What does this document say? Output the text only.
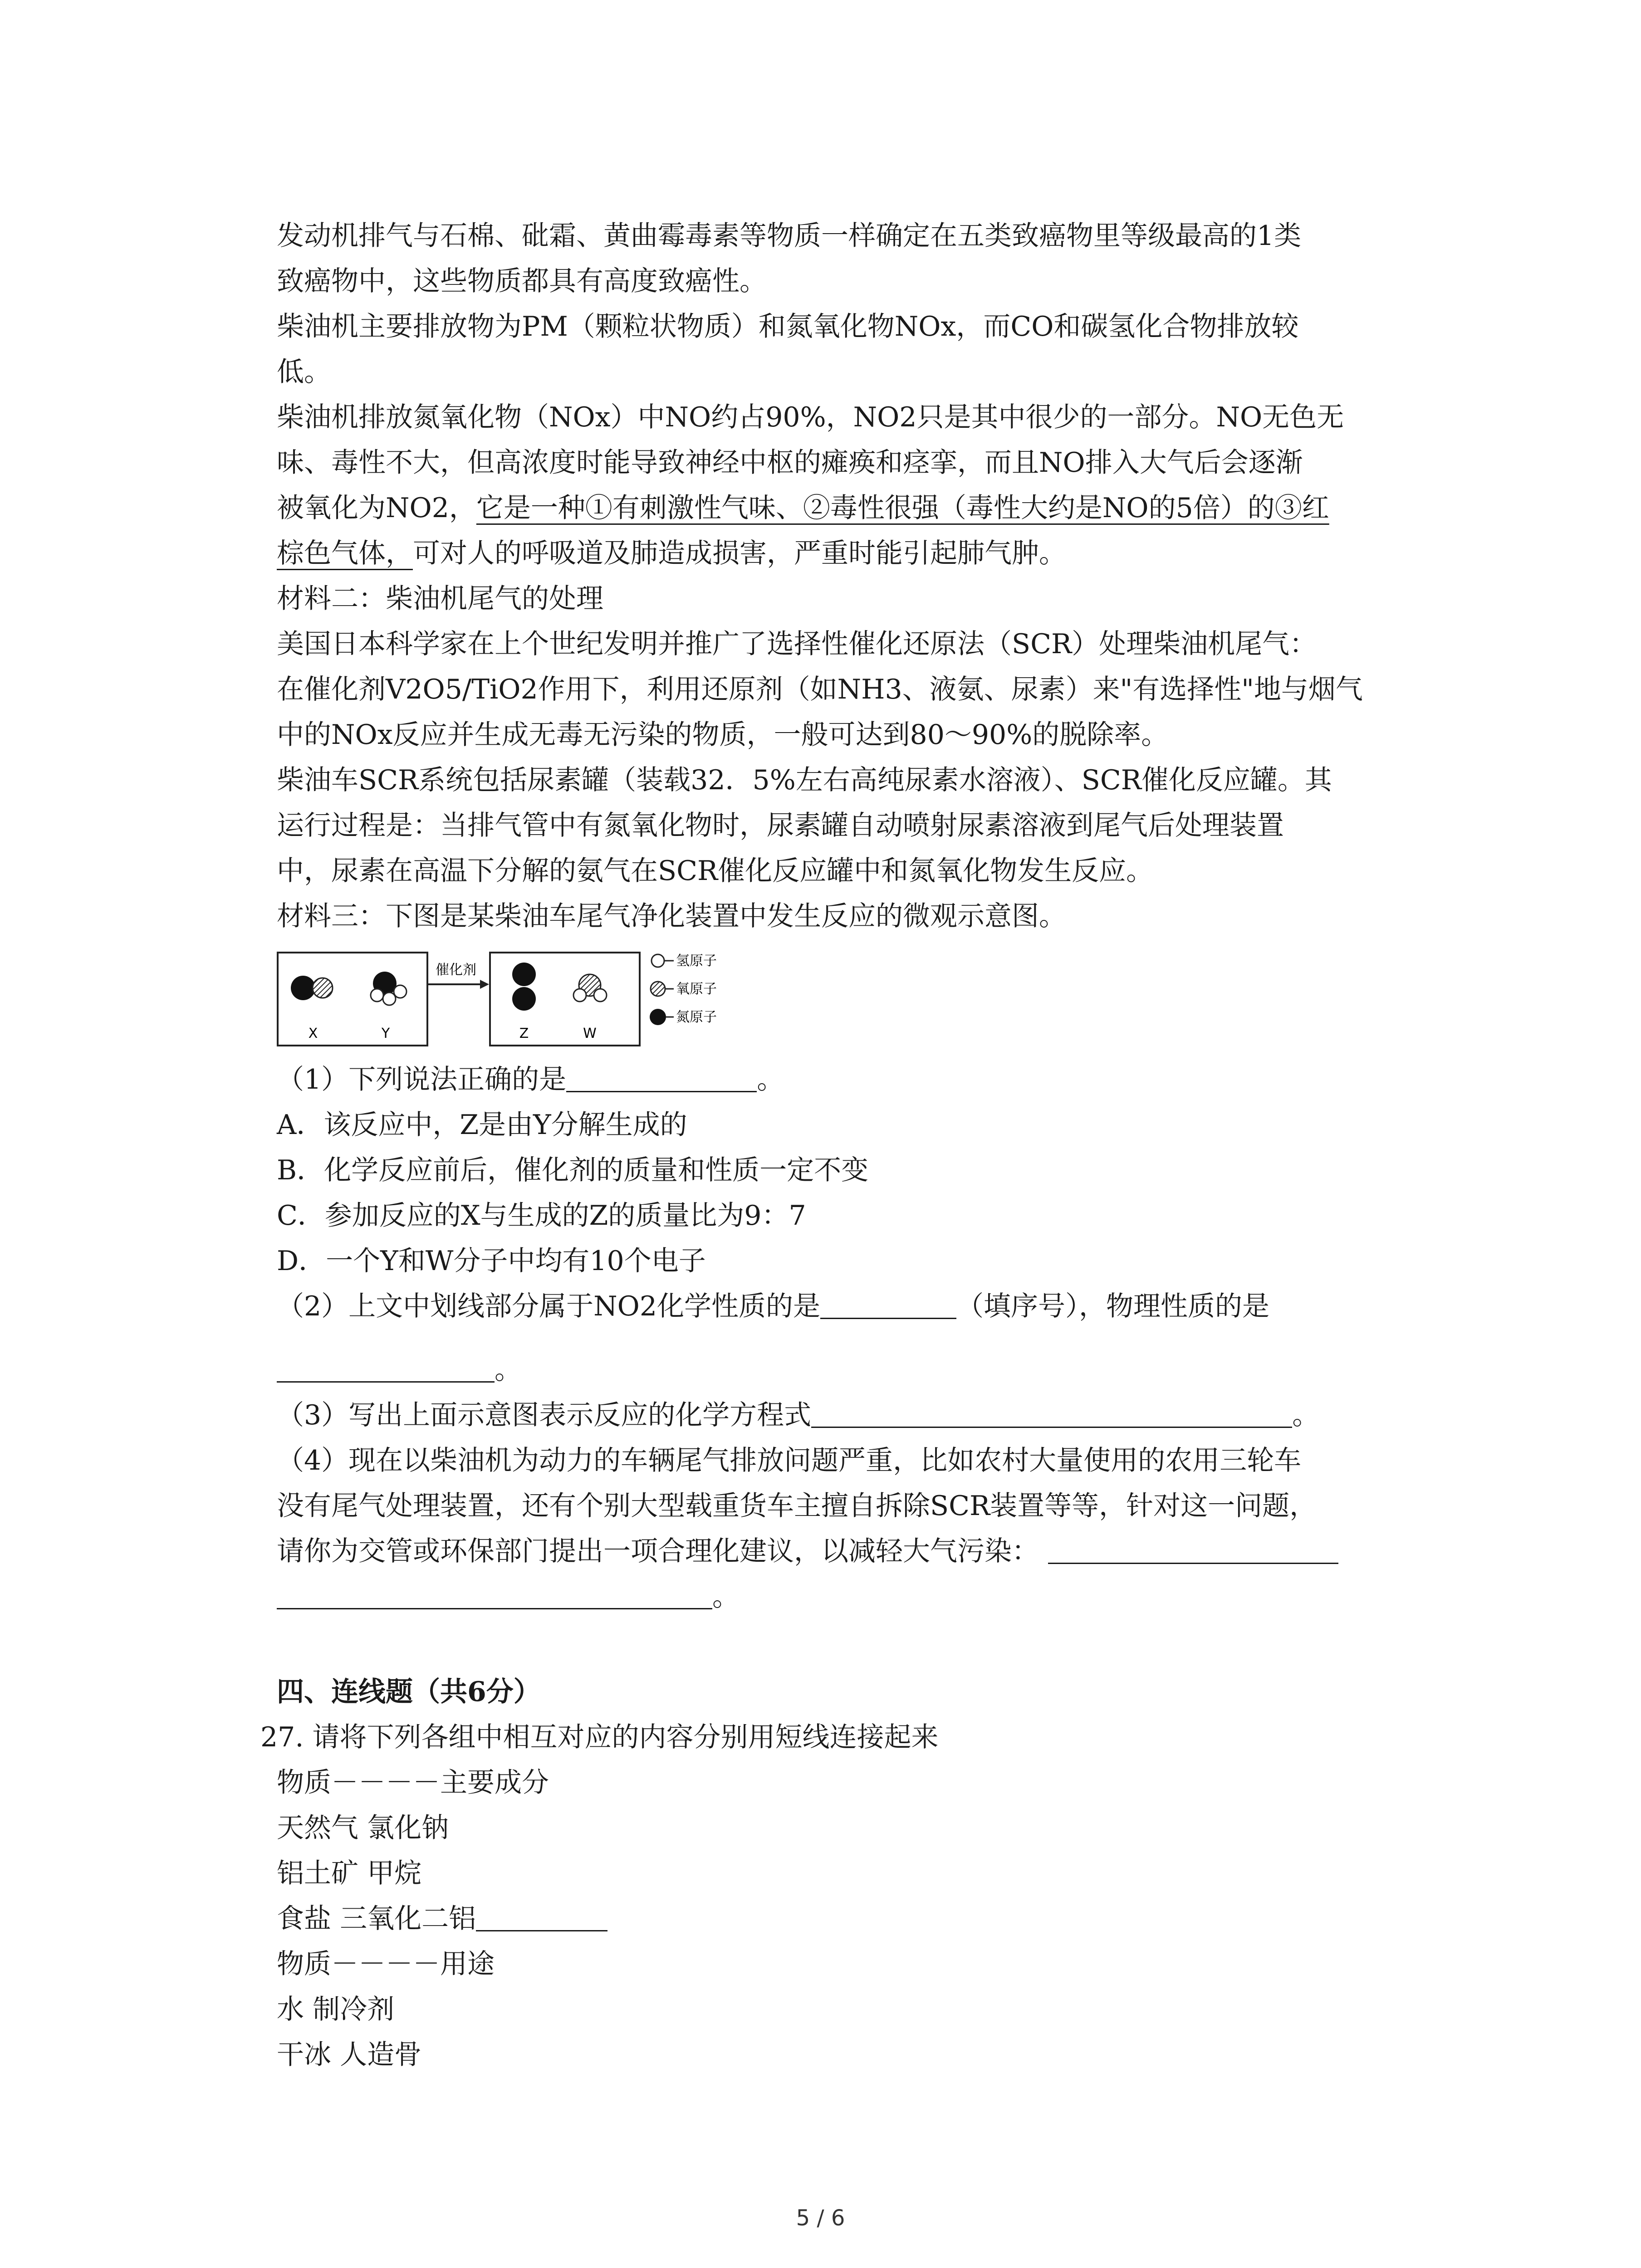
发动机排气与石棉、砒霜、黄曲霉毒素等物质一样确定在五类致癌物里等级最高的1类
致癌物中，这些物质都具有高度致癌性。
柴油机主要排放物为PM（颗粒状物质）和氮氧化物NOx，而CO和碳氢化合物排放较
低。
柴油机排放氮氧化物（NOx）中NO约占90%，NO2只是其中很少的一部分。NO无色无
味、毒性不大，但高浓度时能导致神经中枢的瘫痪和痉挛，而且NO排入大气后会逐渐
被氧化为NO2，它是一种①有刺激性气味、②毒性很强（毒性大约是NO的5倍）的③红
棕色气体，可对人的呼吸道及肺造成损害，严重时能引起肺气肿。
材料二：柴油机尾气的处理
美国日本科学家在上个世纪发明并推广了选择性催化还原法（SCR）处理柴油机尾气：
在催化剂V2O5/TiO2作用下，利用还原剂（如NH3、液氨、尿素）来"有选择性"地与烟气
中的NOx反应并生成无毒无污染的物质，一般可达到80～90%的脱除率。
柴油车SCR系统包括尿素罐（装载32．5%左右高纯尿素水溶液）、SCR催化反应罐。其
运行过程是：当排气管中有氮氧化物时，尿素罐自动喷射尿素溶液到尾气后处理装置
中，尿素在高温下分解的氨气在SCR催化反应罐中和氮氧化物发生反应。
材料三：下图是某柴油车尾气净化装置中发生反应的微观示意图。
X	Y
催化剂
Z	W
氢原子
氧原子
氮原子
（1）下列说法正确的是	。
A．该反应中，Z是由Y分解生成的
B．化学反应前后，催化剂的质量和性质一定不变
C．参加反应的X与生成的Z的质量比为9：7
D．一个Y和W分子中均有10个电子
（2）上文中划线部分属于NO2化学性质的是	（填序号），物理性质的是
。
（3）写出上面示意图表示反应的化学方程式	。
（4）现在以柴油机为动力的车辆尾气排放问题严重，比如农村大量使用的农用三轮车
没有尾气处理装置，还有个别大型载重货车主擅自拆除SCR装置等等，针对这一问题，
请你为交管或环保部门提出一项合理化建议，以减轻大气污染：
。
四、连线题（共6分）
27. 请将下列各组中相互对应的内容分别用短线连接起来
物质－－－－主要成分
天然气 氯化钠
铝土矿 甲烷
食盐 三氧化二铝
物质－－－－用途
水 制冷剂
干冰 人造骨
5 / 6
